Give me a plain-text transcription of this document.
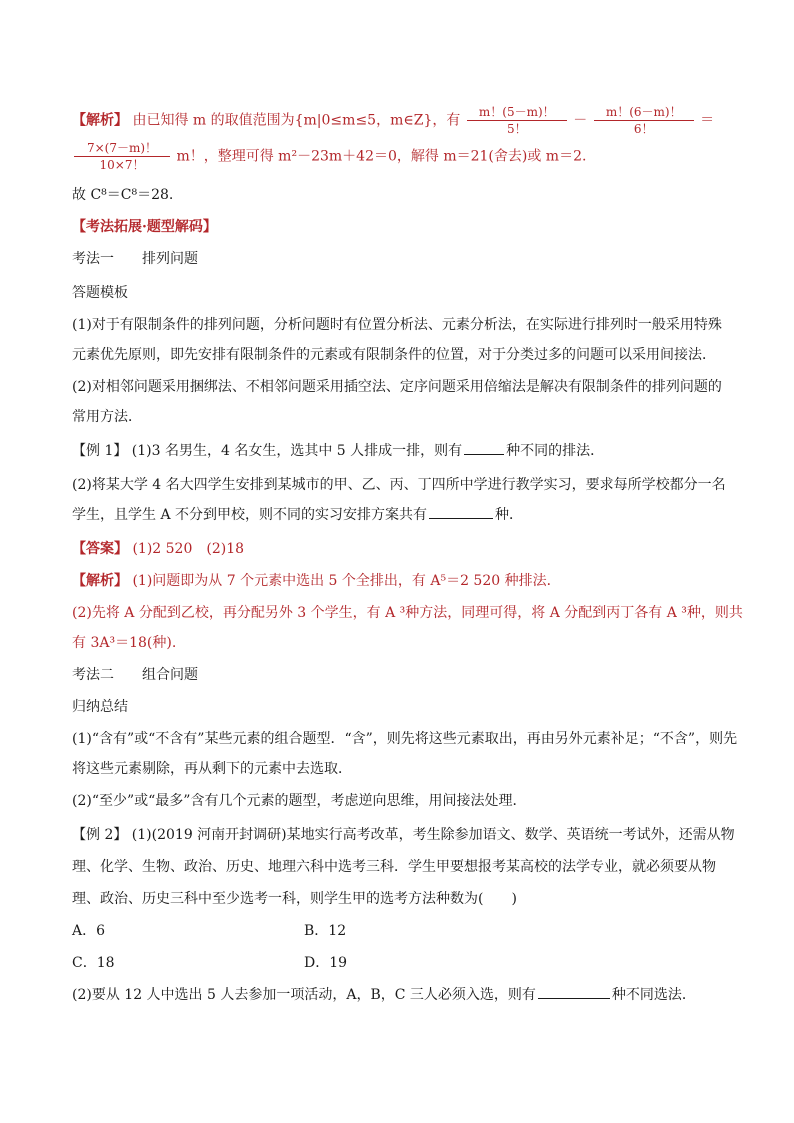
【解析】 由已知得 m 的取值范围为{m|0≤m≤5，m∈Z}，有 $\frac{m!(5-m)!}{5!} - \frac{m!(6-m)!}{6!}$ ＝
$\frac{7\times(7-m)!}{10\times 7!}$ m！，整理可得 m²－23m＋42＝0，解得 m＝21(舍去)或 m＝2.
故 C⁸＝C⁸＝28.
【考法拓展·题型解码】
考法一　　排列问题
答题模板
(1)对于有限制条件的排列问题，分析问题时有位置分析法、元素分析法，在实际进行排列时一般采用特殊
元素优先原则，即先安排有限制条件的元素或有限制条件的位置，对于分类过多的问题可以采用间接法．
(2)对相邻问题采用捆绑法、不相邻问题采用插空法、定序问题采用倍缩法是解决有限制条件的排列问题的
常用方法．
【例 1】 (1)3 名男生，4 名女生，选其中 5 人排成一排，则有	种不同的排法．
(2)将某大学 4 名大四学生安排到某城市的甲、乙、丙、丁四所中学进行教学实习，要求每所学校都分一名
学生，且学生 A 不分到甲校，则不同的实习安排方案共有	种．
【答案】 (1)2 520　(2)18
【解析】 (1)问题即为从 7 个元素中选出 5 个全排出，有 A⁵＝2 520 种排法．
(2)先将 A 分配到乙校，再分配另外 3 个学生，有 A ³种方法，同理可得，将 A 分配到丙丁各有 A ³种，则共
有 3A³＝18(种).
考法二　　组合问题
归纳总结
(1)“含有”或“不含有”某些元素的组合题型．“含”，则先将这些元素取出，再由另外元素补足；“不含”，则先
将这些元素剔除，再从剩下的元素中去选取．
(2)“至少”或“最多”含有几个元素的题型，考虑逆向思维，用间接法处理．
【例 2】 (1)(2019 河南开封调研)某地实行高考改革，考生除参加语文、数学、英语统一考试外，还需从物
理、化学、生物、政治、历史、地理六科中选考三科．学生甲要想报考某高校的法学专业，就必须要从物
理、政治、历史三科中至少选考一科，则学生甲的选考方法种数为(　　)
A．6	B．12
C．18	D．19
(2)要从 12 人中选出 5 人去参加一项活动，A，B，C 三人必须入选，则有	种不同选法．
